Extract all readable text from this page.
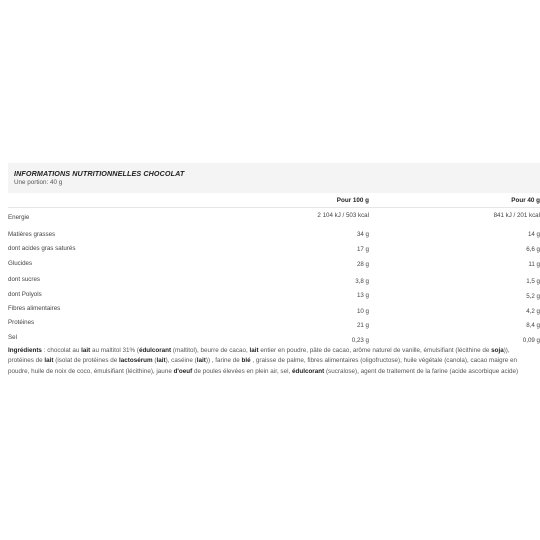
INFORMATIONS NUTRITIONNELLES CHOCOLAT
Une portion: 40 g
Pour 100 g	Pour 40 g
Energie	2 104 kJ / 503 kcal	841 kJ / 201 kcal
Matières grasses	34 g	14 g
dont acides gras saturés	17 g	6,6 g
Glucides	28 g	11 g
dont sucres	3,8 g	1,5 g
dont Polyols	13 g	5,2 g
Fibres alimentaires	10 g	4,2 g
Protéines	21 g	8,4 g
Sel	0,23 g	0,09 g
Ingrédients : chocolat au lait au maltitol 31% (édulcorant (maltitol), beurre de cacao, lait entier en poudre, pâte de cacao, arôme naturel de vanille, émulsifiant (lécithine de soja)), protéines de lait (isolat de protéines de lactosérum (lait), caséine (lait)) , farine de blé , graisse de palme, fibres alimentaires (oligofructose), huile végétale (canola), cacao maigre en poudre, huile de noix de coco, émulsifiant (lécithine), jaune d'oeuf de poules élevées en plein air, sel, édulcorant (sucralose), agent de traitement de la farine (acide ascorbique acide)
